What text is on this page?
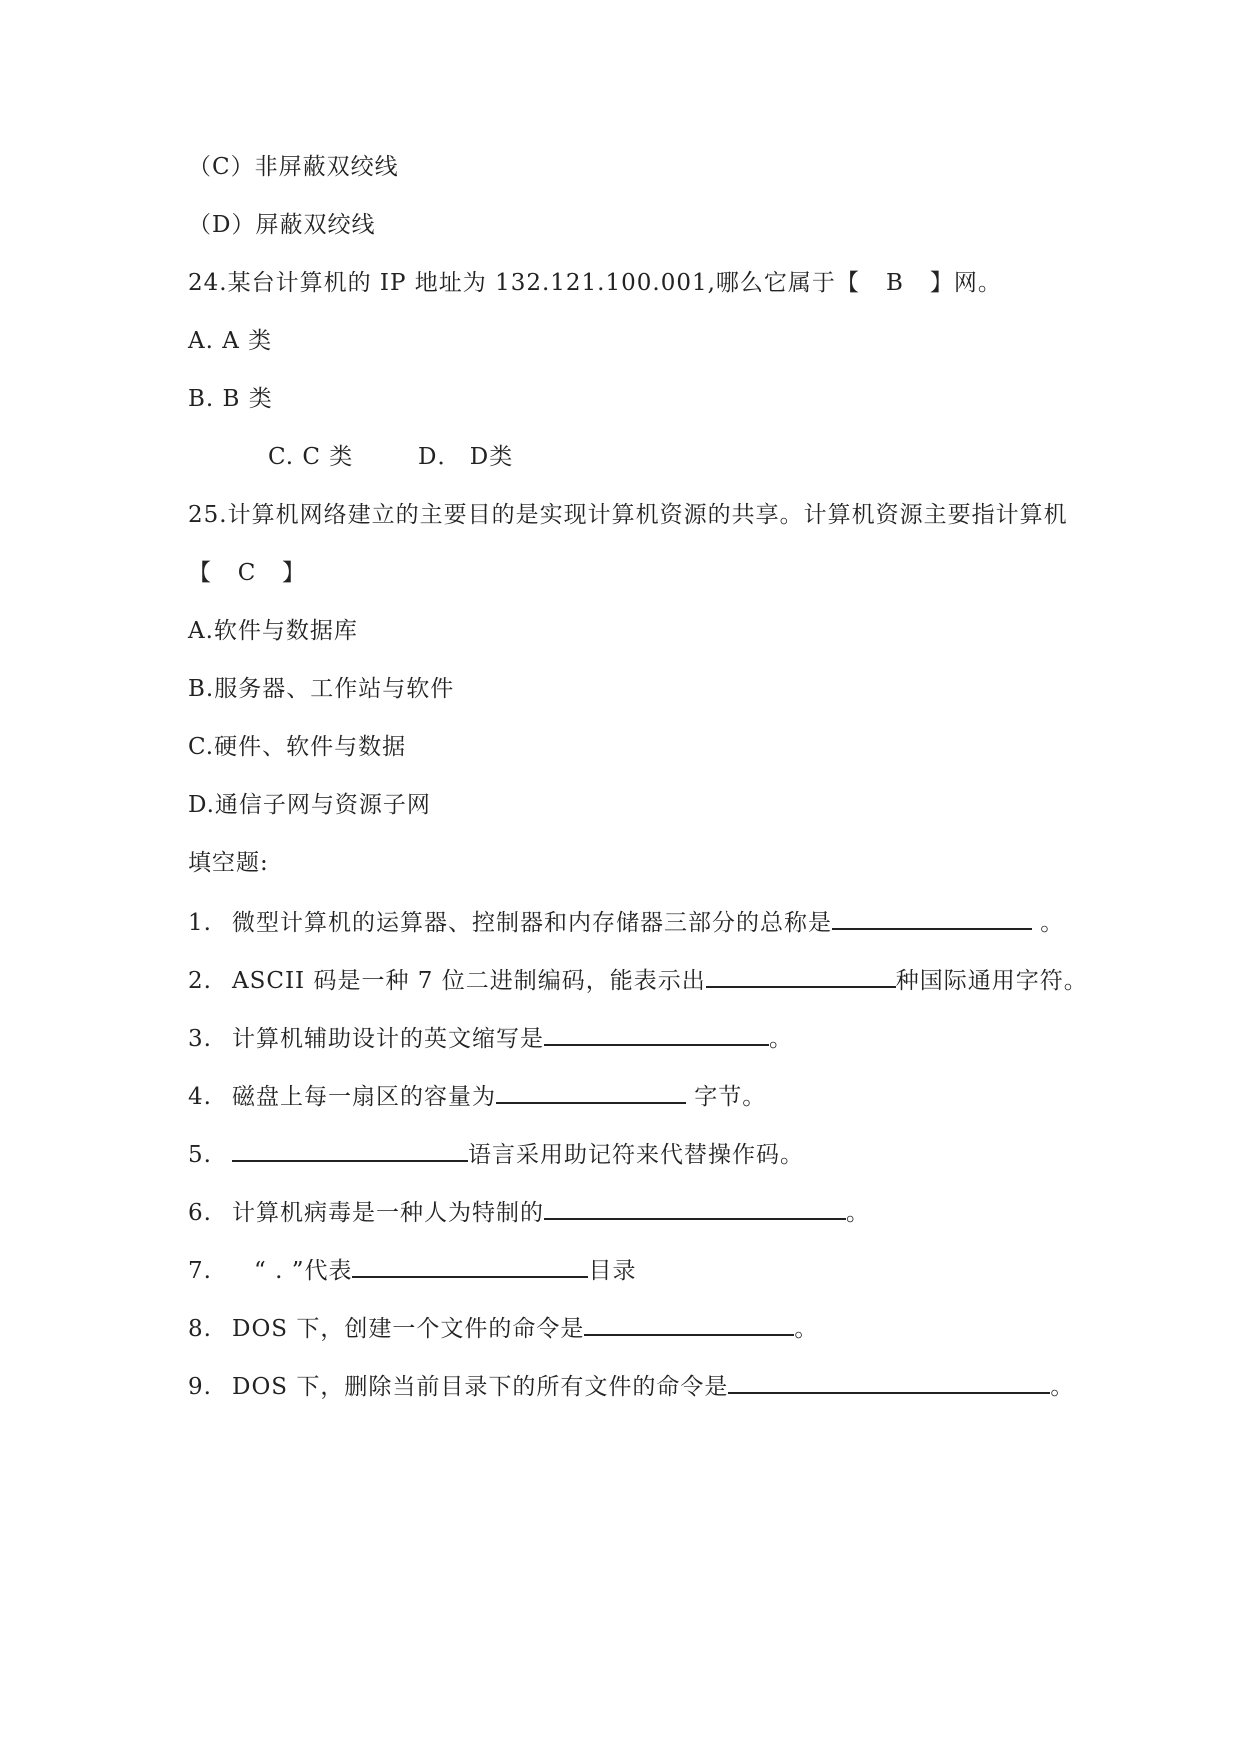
（C）非屏蔽双绞线
（D）屏蔽双绞线
24.某台计算机的 IP 地址为 132.121.100.001,哪么它属于【 B 】网。
A. A 类
B. B 类
C. C 类	D． D类
25.计算机网络建立的主要目的是实现计算机资源的共享。计算机资源主要指计算机
【 C 】
A.软件与数据库
B.服务器、工作站与软件
C.硬件、软件与数据
D.通信子网与资源子网
填空题:
1. 微型计算机的运算器、控制器和内存储器三部分的总称是	。
2. ASCII 码是一种 7 位二进制编码，能表示出	种国际通用字符。
3. 计算机辅助设计的英文缩写是	。
4. 磁盘上每一扇区的容量为	字节。
5.	语言采用助记符来代替操作码。
6. 计算机病毒是一种人为特制的	。
7. “ . ”代表	目录
8. DOS 下，创建一个文件的命令是	。
9. DOS 下，删除当前目录下的所有文件的命令是	。
